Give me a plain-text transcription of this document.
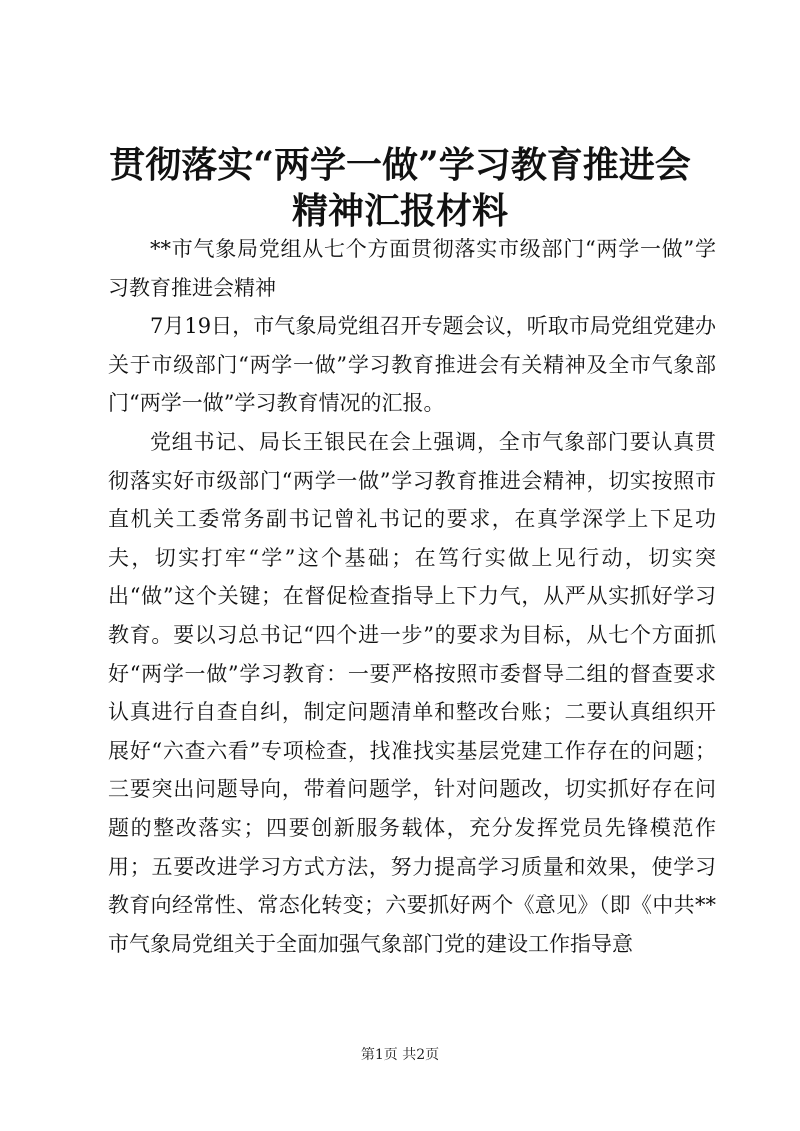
贯彻落实“两学一做”学习教育推进会精神汇报材料

**市气象局党组从七个方面贯彻落实市级部门“两学一做”学习教育推进会精神

7月19日，市气象局党组召开专题会议，听取市局党组党建办关于市级部门“两学一做”学习教育推进会有关精神及全市气象部门“两学一做”学习教育情况的汇报。

党组书记、局长王银民在会上强调，全市气象部门要认真贯彻落实好市级部门“两学一做”学习教育推进会精神，切实按照市直机关工委常务副书记曾礼书记的要求，在真学深学上下足功夫，切实打牢“学”这个基础；在笃行实做上见行动，切实突出“做”这个关键；在督促检查指导上下力气，从严从实抓好学习教育。要以习总书记“四个进一步”的要求为目标，从七个方面抓好“两学一做”学习教育：一要严格按照市委督导二组的督查要求认真进行自查自纠，制定问题清单和整改台账；二要认真组织开展好“六查六看”专项检查，找准找实基层党建工作存在的问题；三要突出问题导向，带着问题学，针对问题改，切实抓好存在问题的整改落实；四要创新服务载体，充分发挥党员先锋模范作用；五要改进学习方式方法，努力提高学习质量和效果，使学习教育向经常性、常态化转变；六要抓好两个《意见》（即《中共**市气象局党组关于全面加强气象部门党的建设工作指导意

第1页 共2页
